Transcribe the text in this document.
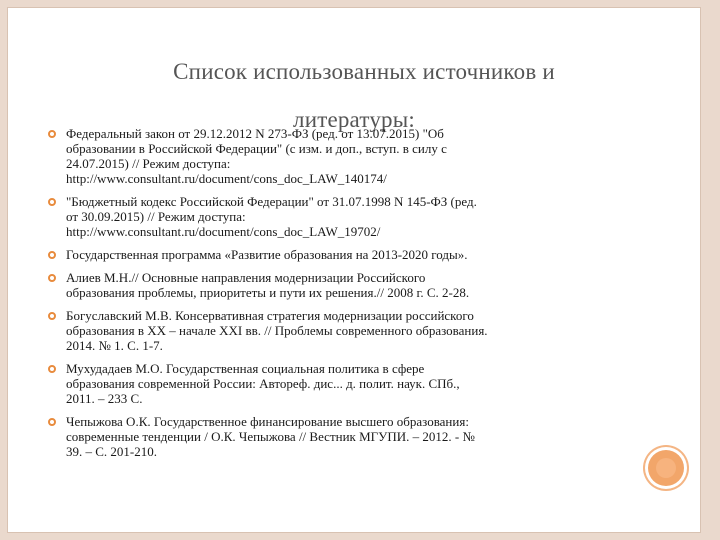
Список использованных источников и
литературы:
Федеральный закон от 29.12.2012 N 273-ФЗ (ред. от 13.07.2015) "Об
образовании в Российской Федерации" (с изм. и доп., вступ. в силу с
24.07.2015) // Режим доступа:
http://www.consultant.ru/document/cons_doc_LAW_140174/
"Бюджетный кодекс Российской Федерации" от 31.07.1998 N 145-ФЗ (ред.
от 30.09.2015) // Режим доступа:
http://www.consultant.ru/document/cons_doc_LAW_19702/
Государственная программа «Развитие образования на 2013-2020 годы».
Алиев М.Н.// Основные направления модернизации Российского
образования проблемы, приоритеты и пути их решения.// 2008 г. С. 2-28.
Богуславский М.В. Консервативная стратегия модернизации российского
образования в XX – начале XXI вв. // Проблемы современного образования.
2014. № 1. С. 1-7.
Мухудадаев М.О. Государственная социальная политика в сфере
образования современной России: Автореф. дис... д. полит. наук. СПб.,
2011. – 233 С.
Чепыжова О.К. Государственное финансирование высшего образования:
современные тенденции / О.К. Чепыжова // Вестник МГУПИ. – 2012. - №
39. – С. 201-210.
